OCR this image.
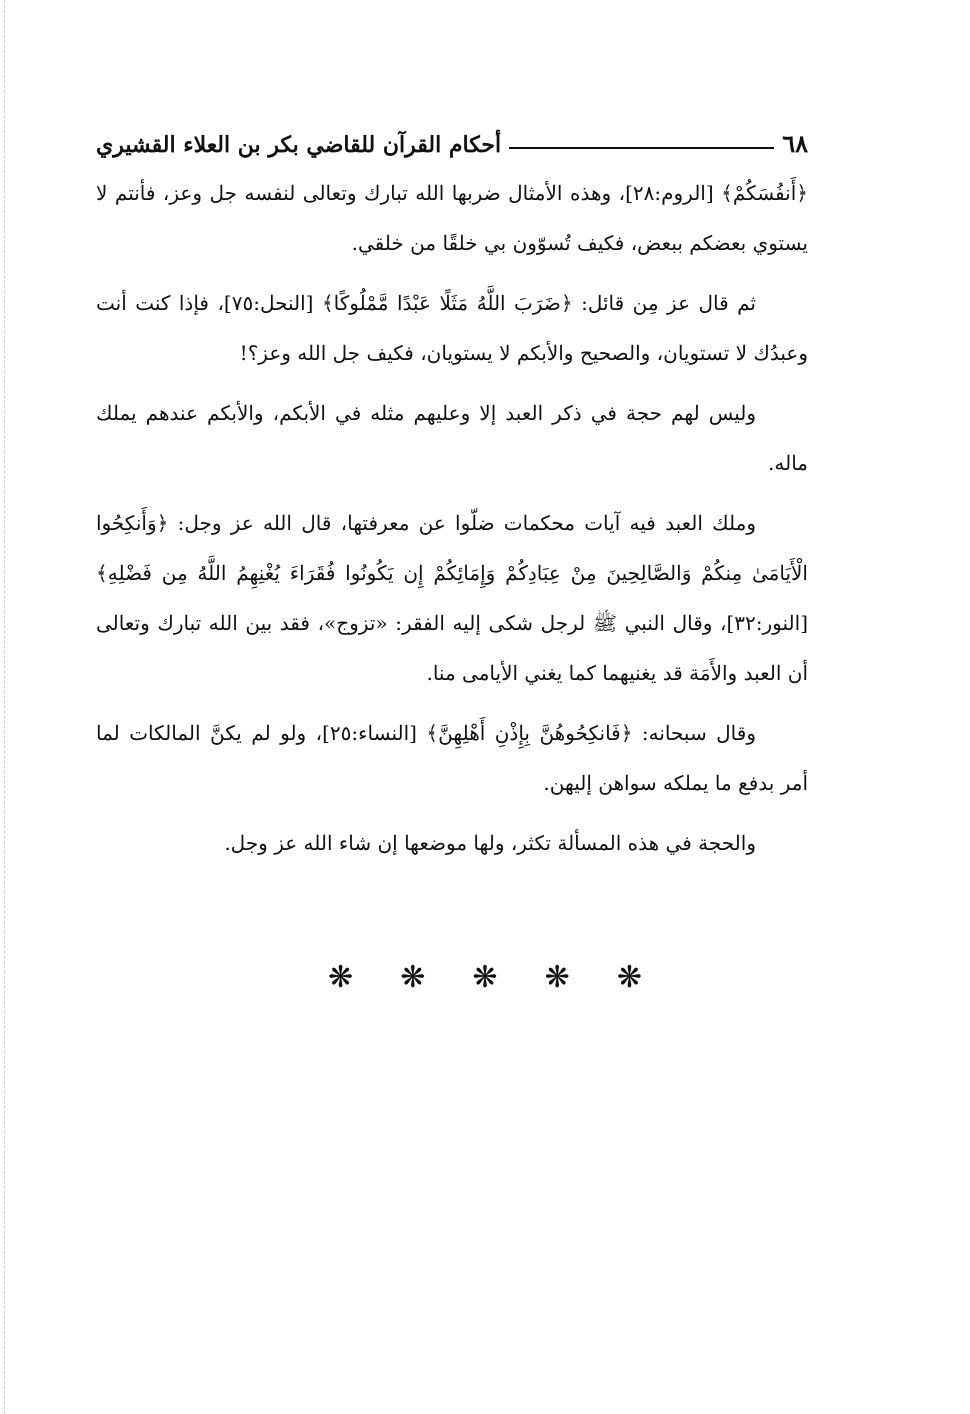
٦٨
أحكام القرآن للقاضي بكر بن العلاء القشيري

﴿أَنفُسَكُمْ﴾ [الروم:٢٨]، وهذه الأمثال ضربها الله تبارك وتعالى لنفسه جل وعز، فأنتم لا يستوي بعضكم ببعض، فكيف تُسوّون بي خلقًا من خلقي.

ثم قال عز مِن قائل: ﴿ضَرَبَ اللَّهُ مَثَلًا عَبْدًا مَّمْلُوكًا﴾ [النحل:٧٥]، فإذا كنت أنت وعبدُك لا تستويان، والصحيح والأبكم لا يستويان، فكيف جل الله وعز؟!

وليس لهم حجة في ذكر العبد إلا وعليهم مثله في الأبكم، والأبكم عندهم يملك ماله.

وملك العبد فيه آيات محكمات ضلّوا عن معرفتها، قال الله عز وجل: ﴿وَأَنكِحُوا الْأَيَامَىٰ مِنكُمْ وَالصَّالِحِينَ مِنْ عِبَادِكُمْ وَإِمَائِكُمْ إِن يَكُونُوا فُقَرَاءَ يُغْنِهِمُ اللَّهُ مِن فَضْلِهِ﴾ [النور:٣٢]، وقال النبي ﷺ لرجل شكى إليه الفقر: «تزوج»، فقد بين الله تبارك وتعالى أن العبد والأَمَة قد يغنيهما كما يغني الأيامى منا.

وقال سبحانه: ﴿فَانكِحُوهُنَّ بِإِذْنِ أَهْلِهِنَّ﴾ [النساء:٢٥]، ولو لم يكنَّ المالكات لما أمر بدفع ما يملكه سواهن إليهن.

والحجة في هذه المسألة تكثر، ولها موضعها إن شاء الله عز وجل.

❋ ❋ ❋ ❋ ❋
